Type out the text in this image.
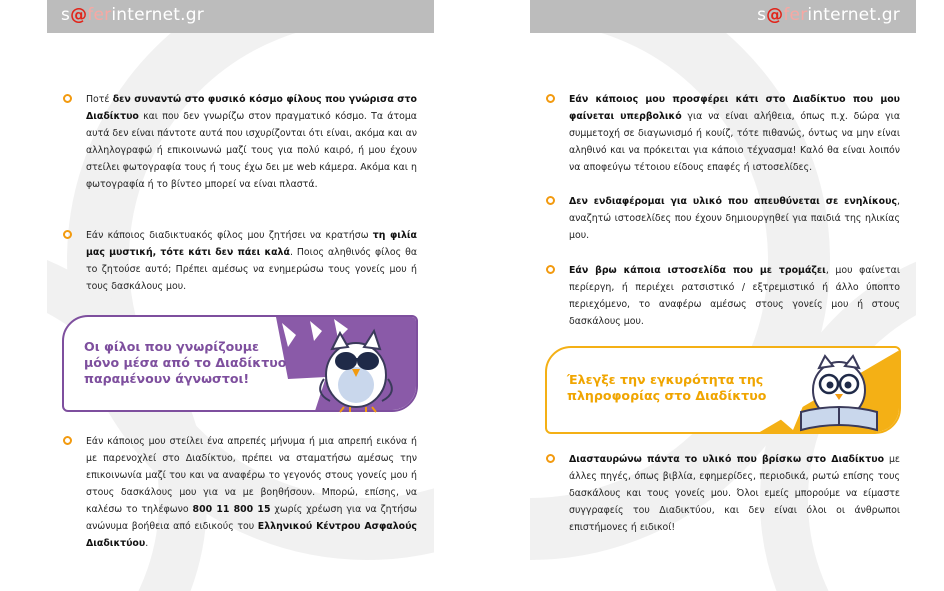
s@ferinternet.gr

Ποτέ δεν συναντώ στο φυσικό κόσμο φίλους που γνώρισα στο Διαδίκτυο και που δεν γνωρίζω στον πραγματικό κόσμο. Τα άτομα αυτά δεν είναι πάντοτε αυτά που ισχυρίζονται ότι είναι, ακόμα και αν αλληλογραφώ ή επικοινωνώ μαζί τους για πολύ καιρό, ή μου έχουν στείλει φωτογραφία τους ή τους έχω δει με web κάμερα. Ακόμα και η φωτογραφία ή το βίντεο μπορεί να είναι πλαστά.

Εάν κάποιος διαδικτυακός φίλος μου ζητήσει να κρατήσω τη φιλία μας μυστική, τότε κάτι δεν πάει καλά. Ποιος αληθινός φίλος θα το ζητούσε αυτό; Πρέπει αμέσως να ενημερώσω τους γονείς μου ή τους δασκάλους μου.

Οι φίλοι που γνωρίζουμε
μόνο μέσα από το Διαδίκτυο
παραμένουν άγνωστοι!

Εάν κάποιος μου στείλει ένα απρεπές μήνυμα ή μια απρεπή εικόνα ή με παρενοχλεί στο Διαδίκτυο, πρέπει να σταματήσω αμέσως την επικοινωνία μαζί του και να αναφέρω το γεγονός στους γονείς μου ή στους δασκάλους μου για να με βοηθήσουν. Μπορώ, επίσης, να καλέσω το τηλέφωνο 800 11 800 15 χωρίς χρέωση για να ζητήσω ανώνυμα βοήθεια από ειδικούς του Ελληνικού Κέντρου Ασφαλούς Διαδικτύου.

s@ferinternet.gr

Εάν κάποιος μου προσφέρει κάτι στο Διαδίκτυο που μου φαίνεται υπερβολικό για να είναι αλήθεια, όπως π.χ. δώρα για συμμετοχή σε διαγωνισμό ή κουίζ, τότε πιθανώς, όντως να μην είναι αληθινό και να πρόκειται για κάποιο τέχνασμα! Καλό θα είναι λοιπόν να αποφεύγω τέτοιου είδους επαφές ή ιστοσελίδες.

Δεν ενδιαφέρομαι για υλικό που απευθύνεται σε ενηλίκους, αναζητώ ιστοσελίδες που έχουν δημιουργηθεί για παιδιά της ηλικίας μου.

Εάν βρω κάποια ιστοσελίδα που με τρομάζει, μου φαίνεται περίεργη, ή περιέχει ρατσιστικό / εξτρεμιστικό ή άλλο ύποπτο περιεχόμενο, το αναφέρω αμέσως στους γονείς μου ή στους δασκάλους μου.

Έλεγξε την εγκυρότητα της
πληροφορίας στο Διαδίκτυο

Διασταυρώνω πάντα το υλικό που βρίσκω στο Διαδίκτυο με άλλες πηγές, όπως βιβλία, εφημερίδες, περιοδικά, ρωτώ επίσης τους δασκάλους και τους γονείς μου. Όλοι εμείς μπορούμε να είμαστε συγγραφείς του Διαδικτύου, και δεν είναι όλοι οι άνθρωποι επιστήμονες ή ειδικοί!
